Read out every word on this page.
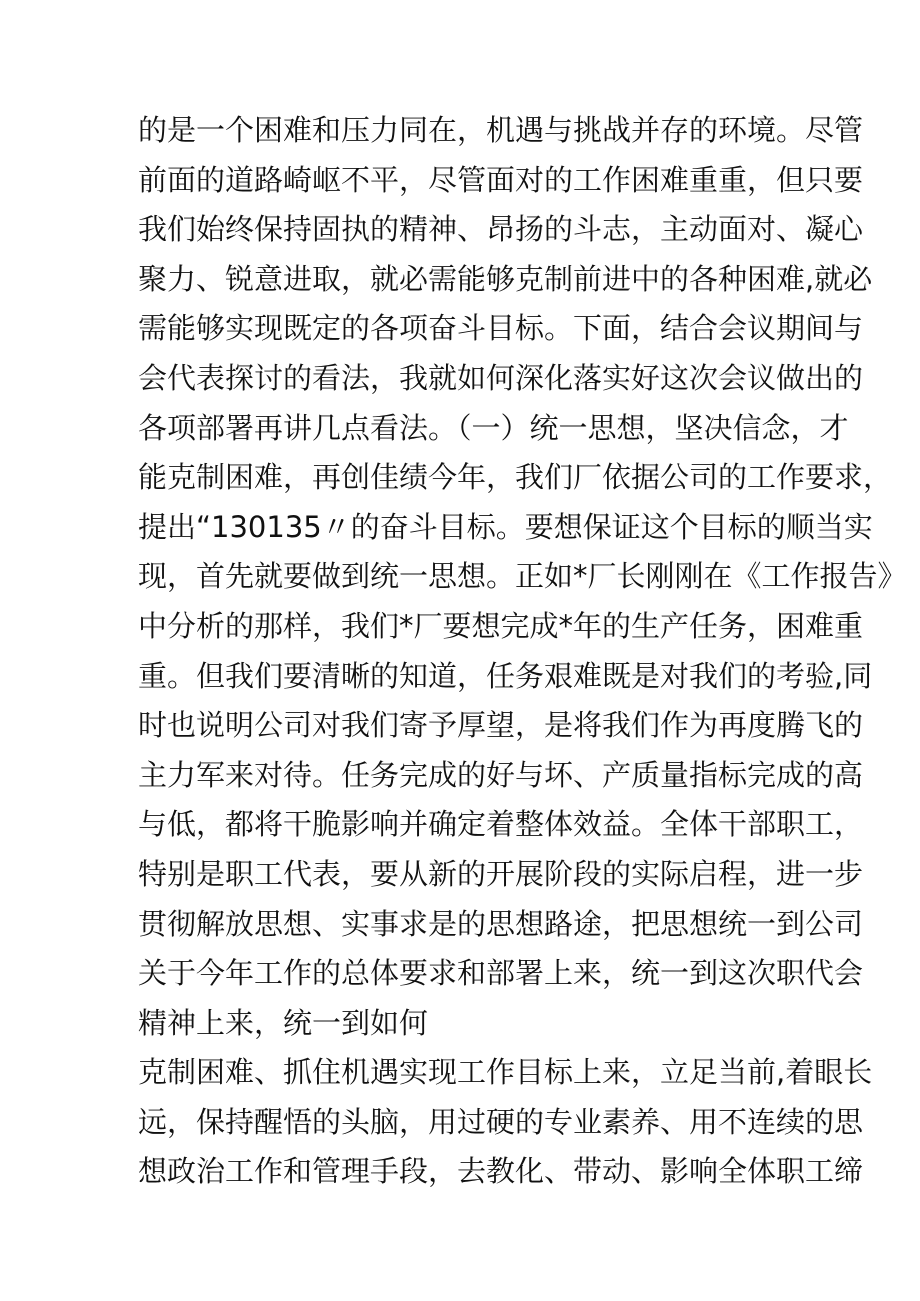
的是一个困难和压力同在，机遇与挑战并存的环境。尽管
前面的道路崎岖不平，尽管面对的工作困难重重，但只要
我们始终保持固执的精神、昂扬的斗志，主动面对、凝心
聚力、锐意进取，就必需能够克制前进中的各种困难,就必
需能够实现既定的各项奋斗目标。下面，结合会议期间与
会代表探讨的看法，我就如何深化落实好这次会议做出的
各项部署再讲几点看法。（一）统一思想，坚决信念，才
能克制困难，再创佳绩今年，我们厂依据公司的工作要求，
提出“130135〃的奋斗目标。要想保证这个目标的顺当实
现，首先就要做到统一思想。正如*厂长刚刚在《工作报告》
中分析的那样，我们*厂要想完成*年的生产任务，困难重
重。但我们要清晰的知道，任务艰难既是对我们的考验,同
时也说明公司对我们寄予厚望，是将我们作为再度腾飞的
主力军来对待。任务完成的好与坏、产质量指标完成的高
与低，都将干脆影响并确定着整体效益。全体干部职工，
特别是职工代表，要从新的开展阶段的实际启程，进一步
贯彻解放思想、实事求是的思想路途，把思想统一到公司
关于今年工作的总体要求和部署上来，统一到这次职代会
精神上来，统一到如何
克制困难、抓住机遇实现工作目标上来，立足当前,着眼长
远，保持醒悟的头脑，用过硬的专业素养、用不连续的思
想政治工作和管理手段，去教化、带动、影响全体职工缔
